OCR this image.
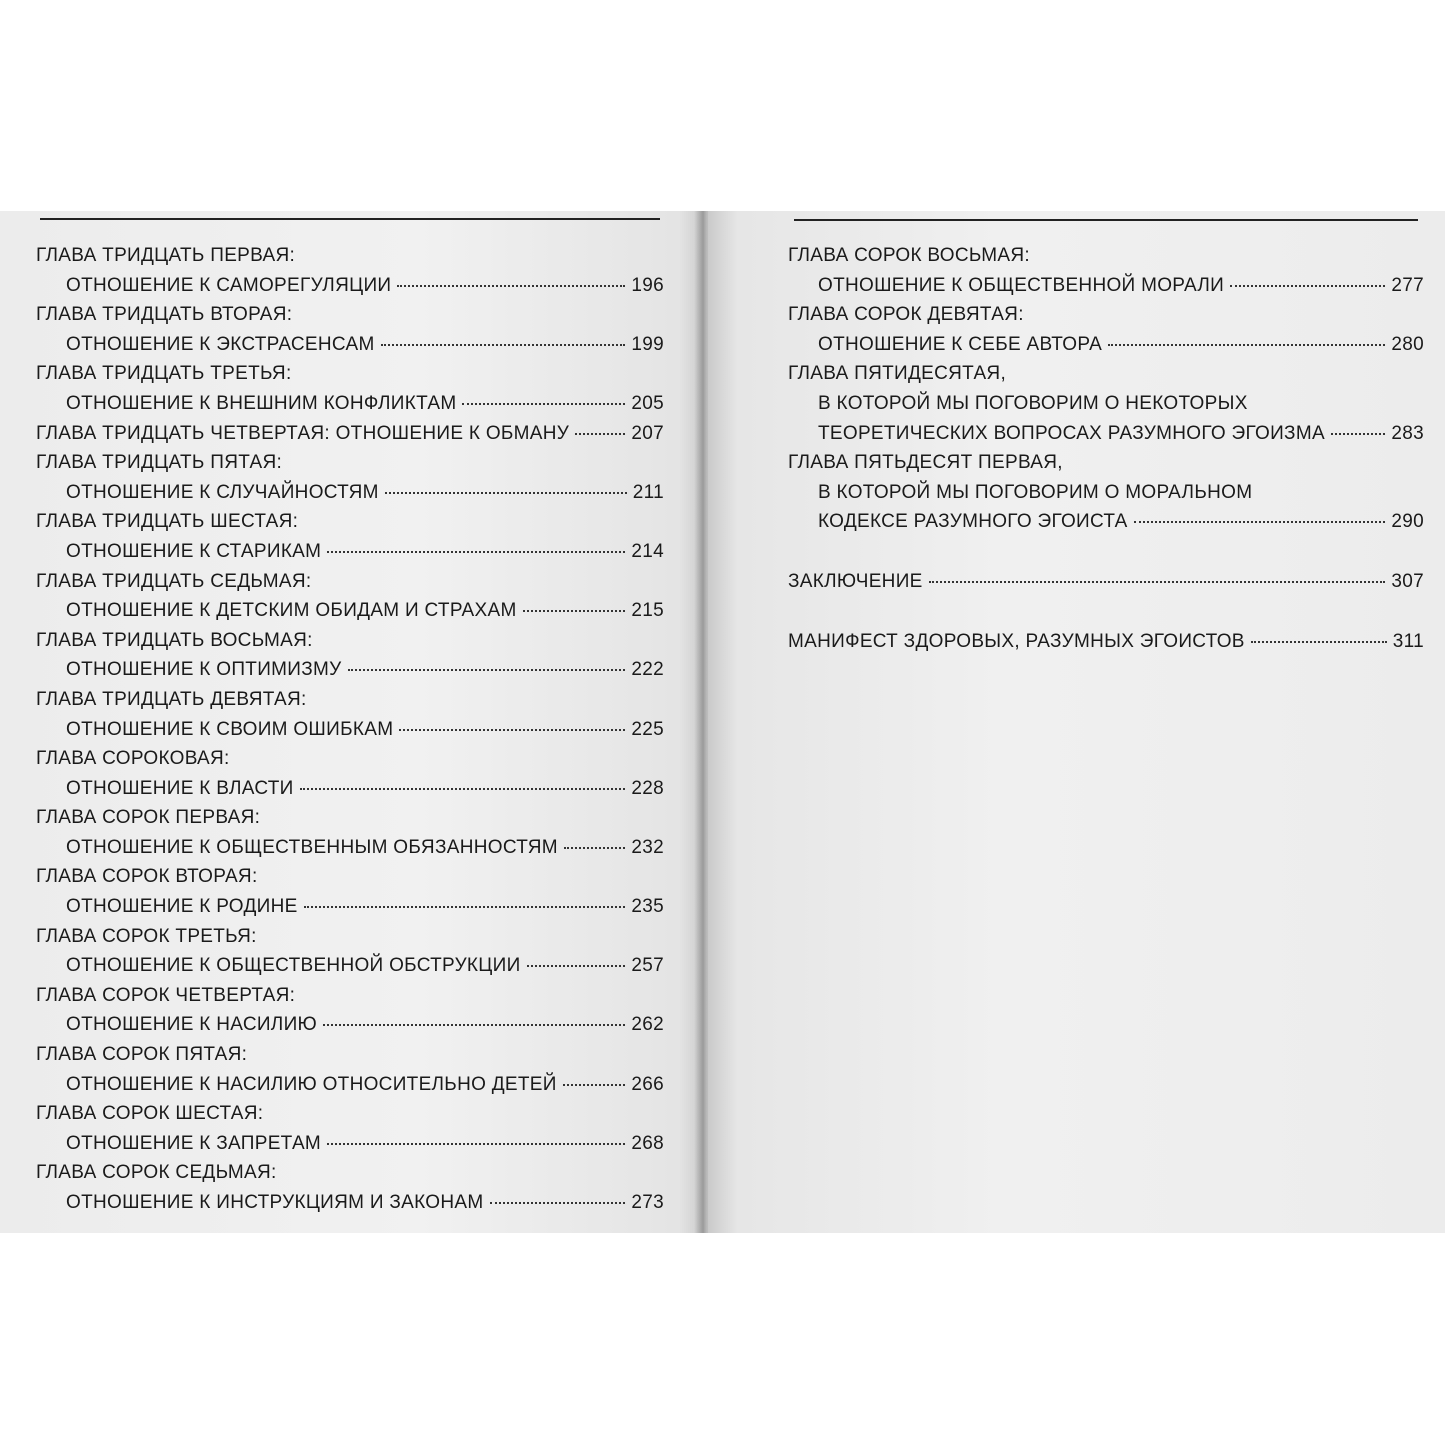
ГЛАВА ТРИДЦАТЬ ПЕРВАЯ:
ОТНОШЕНИЕ К САМОРЕГУЛЯЦИИ	196
ГЛАВА ТРИДЦАТЬ ВТОРАЯ:
ОТНОШЕНИЕ К ЭКСТРАСЕНСАМ	199
ГЛАВА ТРИДЦАТЬ ТРЕТЬЯ:
ОТНОШЕНИЕ К ВНЕШНИМ КОНФЛИКТАМ	205
ГЛАВА ТРИДЦАТЬ ЧЕТВЕРТАЯ: ОТНОШЕНИЕ К ОБМАНУ	207
ГЛАВА ТРИДЦАТЬ ПЯТАЯ:
ОТНОШЕНИЕ К СЛУЧАЙНОСТЯМ	211
ГЛАВА ТРИДЦАТЬ ШЕСТАЯ:
ОТНОШЕНИЕ К СТАРИКАМ	214
ГЛАВА ТРИДЦАТЬ СЕДЬМАЯ:
ОТНОШЕНИЕ К ДЕТСКИМ ОБИДАМ И СТРАХАМ	215
ГЛАВА ТРИДЦАТЬ ВОСЬМАЯ:
ОТНОШЕНИЕ К ОПТИМИЗМУ	222
ГЛАВА ТРИДЦАТЬ ДЕВЯТАЯ:
ОТНОШЕНИЕ К СВОИМ ОШИБКАМ	225
ГЛАВА СОРОКОВАЯ:
ОТНОШЕНИЕ К ВЛАСТИ	228
ГЛАВА СОРОК ПЕРВАЯ:
ОТНОШЕНИЕ К ОБЩЕСТВЕННЫМ ОБЯЗАННОСТЯМ	232
ГЛАВА СОРОК ВТОРАЯ:
ОТНОШЕНИЕ К РОДИНЕ	235
ГЛАВА СОРОК ТРЕТЬЯ:
ОТНОШЕНИЕ К ОБЩЕСТВЕННОЙ ОБСТРУКЦИИ	257
ГЛАВА СОРОК ЧЕТВЕРТАЯ:
ОТНОШЕНИЕ К НАСИЛИЮ	262
ГЛАВА СОРОК ПЯТАЯ:
ОТНОШЕНИЕ К НАСИЛИЮ ОТНОСИТЕЛЬНО ДЕТЕЙ	266
ГЛАВА СОРОК ШЕСТАЯ:
ОТНОШЕНИЕ К ЗАПРЕТАМ	268
ГЛАВА СОРОК СЕДЬМАЯ:
ОТНОШЕНИЕ К ИНСТРУКЦИЯМ И ЗАКОНАМ	273
ГЛАВА СОРОК ВОСЬМАЯ:
ОТНОШЕНИЕ К ОБЩЕСТВЕННОЙ МОРАЛИ	277
ГЛАВА СОРОК ДЕВЯТАЯ:
ОТНОШЕНИЕ К СЕБЕ АВТОРА	280
ГЛАВА ПЯТИДЕСЯТАЯ,
В КОТОРОЙ МЫ ПОГОВОРИМ О НЕКОТОРЫХ
ТЕОРЕТИЧЕСКИХ ВОПРОСАХ РАЗУМНОГО ЭГОИЗМА	283
ГЛАВА ПЯТЬДЕСЯТ ПЕРВАЯ,
В КОТОРОЙ МЫ ПОГОВОРИМ О МОРАЛЬНОМ
КОДЕКСЕ РАЗУМНОГО ЭГОИСТА	290
ЗАКЛЮЧЕНИЕ	307
МАНИФЕСТ ЗДОРОВЫХ, РАЗУМНЫХ ЭГОИСТОВ	311
